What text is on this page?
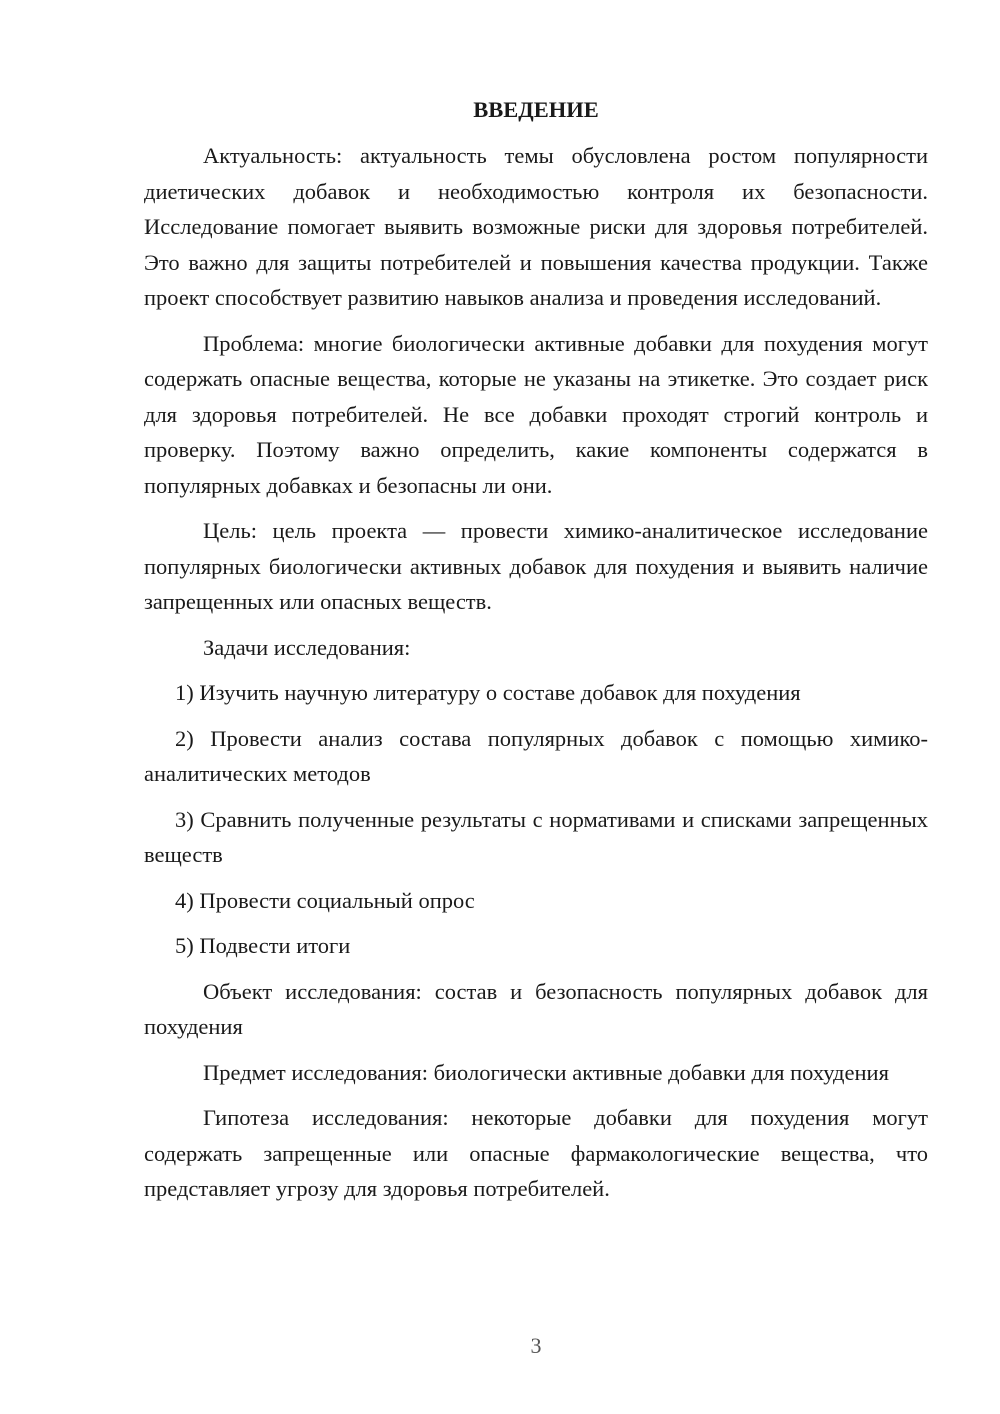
ВВЕДЕНИЕ

Актуальность: актуальность темы обусловлена ростом популярности диетических добавок и необходимостью контроля их безопасности. Исследование помогает выявить возможные риски для здоровья потребителей. Это важно для защиты потребителей и повышения качества продукции. Также проект способствует развитию навыков анализа и проведения исследований.

Проблема: многие биологически активные добавки для похудения могут содержать опасные вещества, которые не указаны на этикетке. Это создает риск для здоровья потребителей. Не все добавки проходят строгий контроль и проверку. Поэтому важно определить, какие компоненты содержатся в популярных добавках и безопасны ли они.

Цель: цель проекта — провести химико-аналитическое исследование популярных биологически активных добавок для похудения и выявить наличие запрещенных или опасных веществ.

Задачи исследования:

1) Изучить научную литературу о составе добавок для похудения

2) Провести анализ состава популярных добавок с помощью химико-аналитических методов

3) Сравнить полученные результаты с нормативами и списками запрещенных веществ

4) Провести социальный опрос

5) Подвести итоги

Объект исследования: состав и безопасность популярных добавок для похудения

Предмет исследования: биологически активные добавки для похудения

Гипотеза исследования: некоторые добавки для похудения могут содержать запрещенные или опасные фармакологические вещества, что представляет угрозу для здоровья потребителей.

3
